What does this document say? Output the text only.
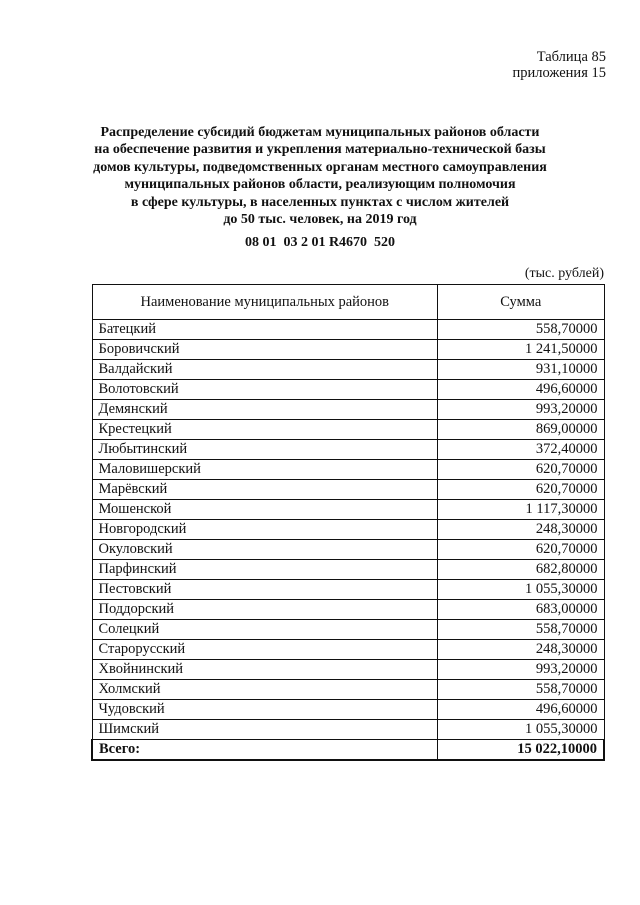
Таблица 85
приложения 15
Распределение субсидий бюджетам муниципальных районов области
на обеспечение развития и укрепления материально-технической базы
домов культуры, подведомственных органам местного самоуправления
муниципальных районов области, реализующим полномочия
в сфере культуры, в населенных пунктах с числом жителей
до 50 тыс. человек, на 2019 год
08 01  03 2 01 R4670  520
(тыс. рублей)
Наименование муниципальных районов	Сумма
Батецкий	558,70000
Боровичский	1 241,50000
Валдайский	931,10000
Волотовский	496,60000
Демянский	993,20000
Крестецкий	869,00000
Любытинский	372,40000
Маловишерский	620,70000
Марёвский	620,70000
Мошенской	1 117,30000
Новгородский	248,30000
Окуловский	620,70000
Парфинский	682,80000
Пестовский	1 055,30000
Поддорский	683,00000
Солецкий	558,70000
Старорусский	248,30000
Хвойнинский	993,20000
Холмский	558,70000
Чудовский	496,60000
Шимский	1 055,30000
Всего:	15 022,10000
